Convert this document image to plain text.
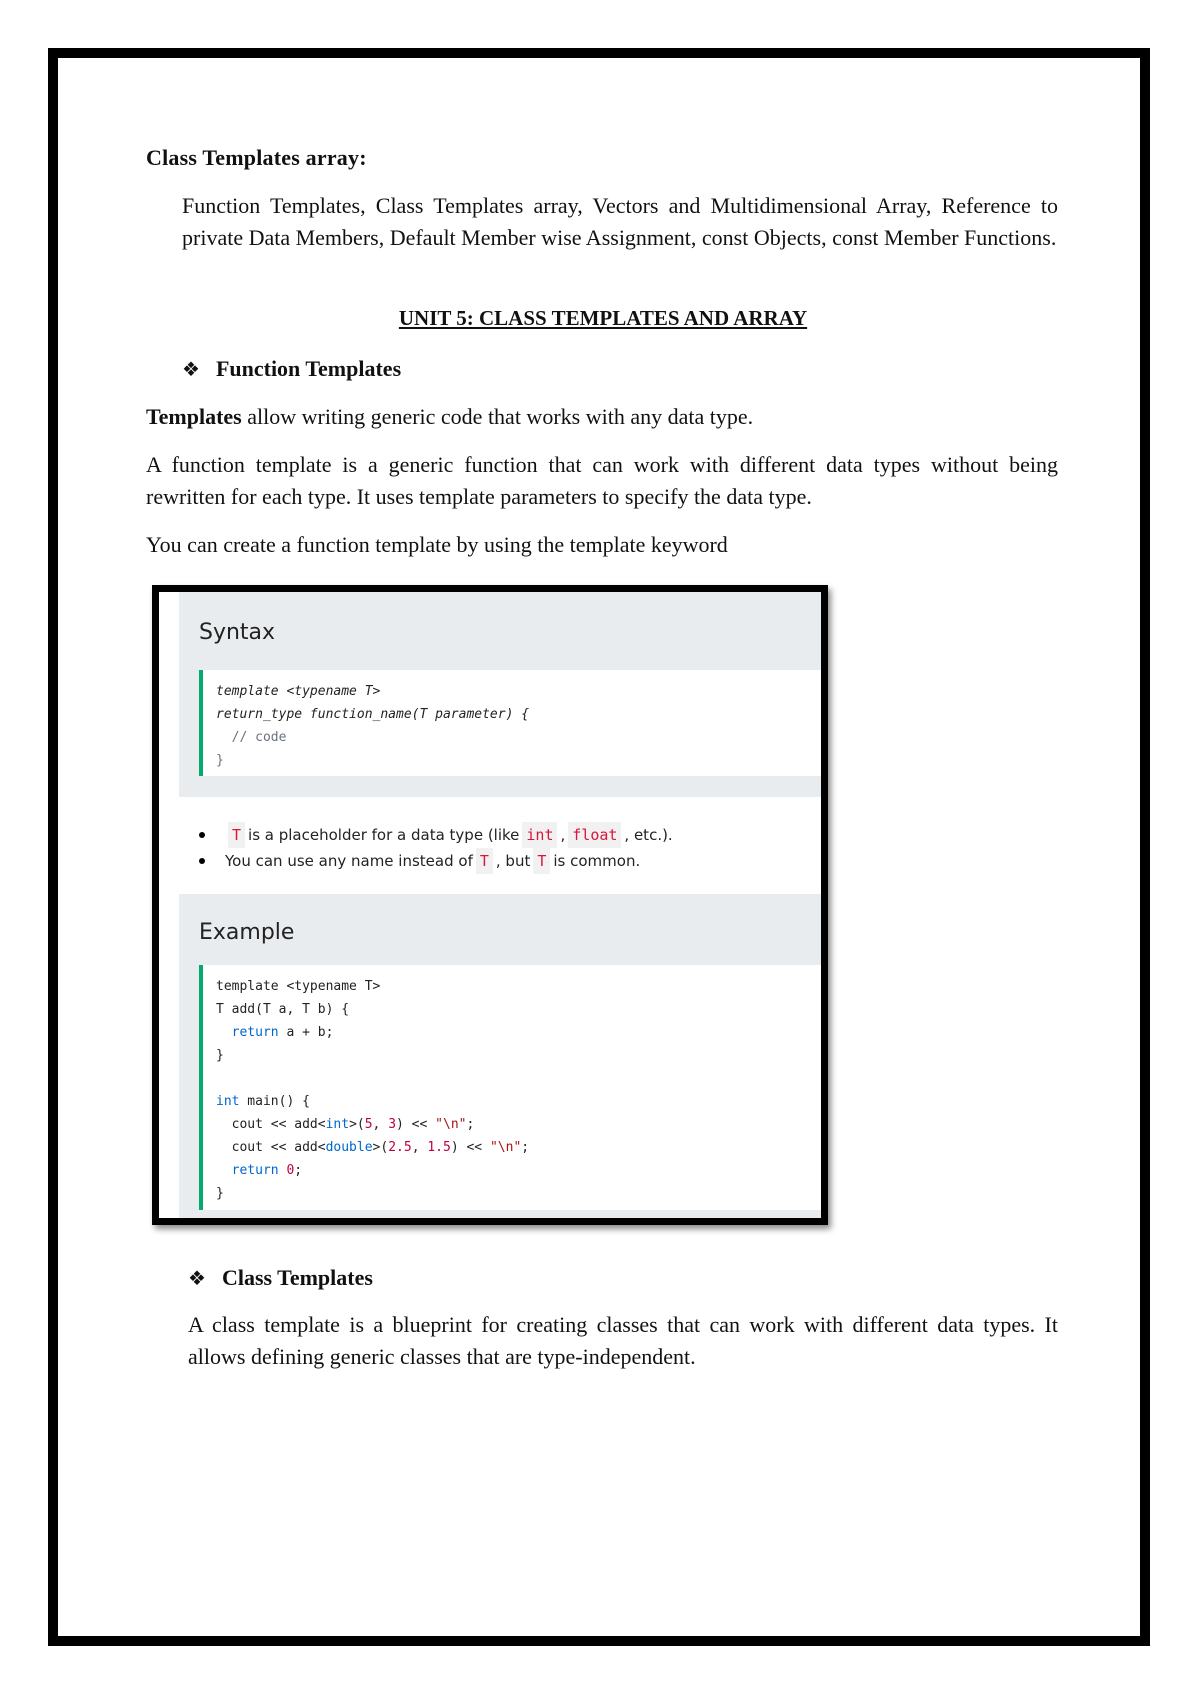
Class Templates array:
Function Templates, Class Templates array, Vectors and Multidimensional Array, Reference to private Data Members, Default Member wise Assignment, const Objects, const Member Functions.
UNIT 5: CLASS TEMPLATES AND ARRAY
❖ Function Templates
Templates allow writing generic code that works with any data type.
A function template is a generic function that can work with different data types without being rewritten for each type. It uses template parameters to specify the data type.
You can create a function template by using the template keyword
Syntax
template <typename T>
return_type function_name(T parameter) {
// code
}
T is a placeholder for a data type (like int , float , etc.).
You can use any name instead of T , but T is common.
Example
template <typename T>
T add(T a, T b) {
return a + b;
}
int main() {
cout << add<int>(5, 3) << "\n";
cout << add<double>(2.5, 1.5) << "\n";
return 0;
}
❖ Class Templates
A class template is a blueprint for creating classes that can work with different data types. It allows defining generic classes that are type-independent.
